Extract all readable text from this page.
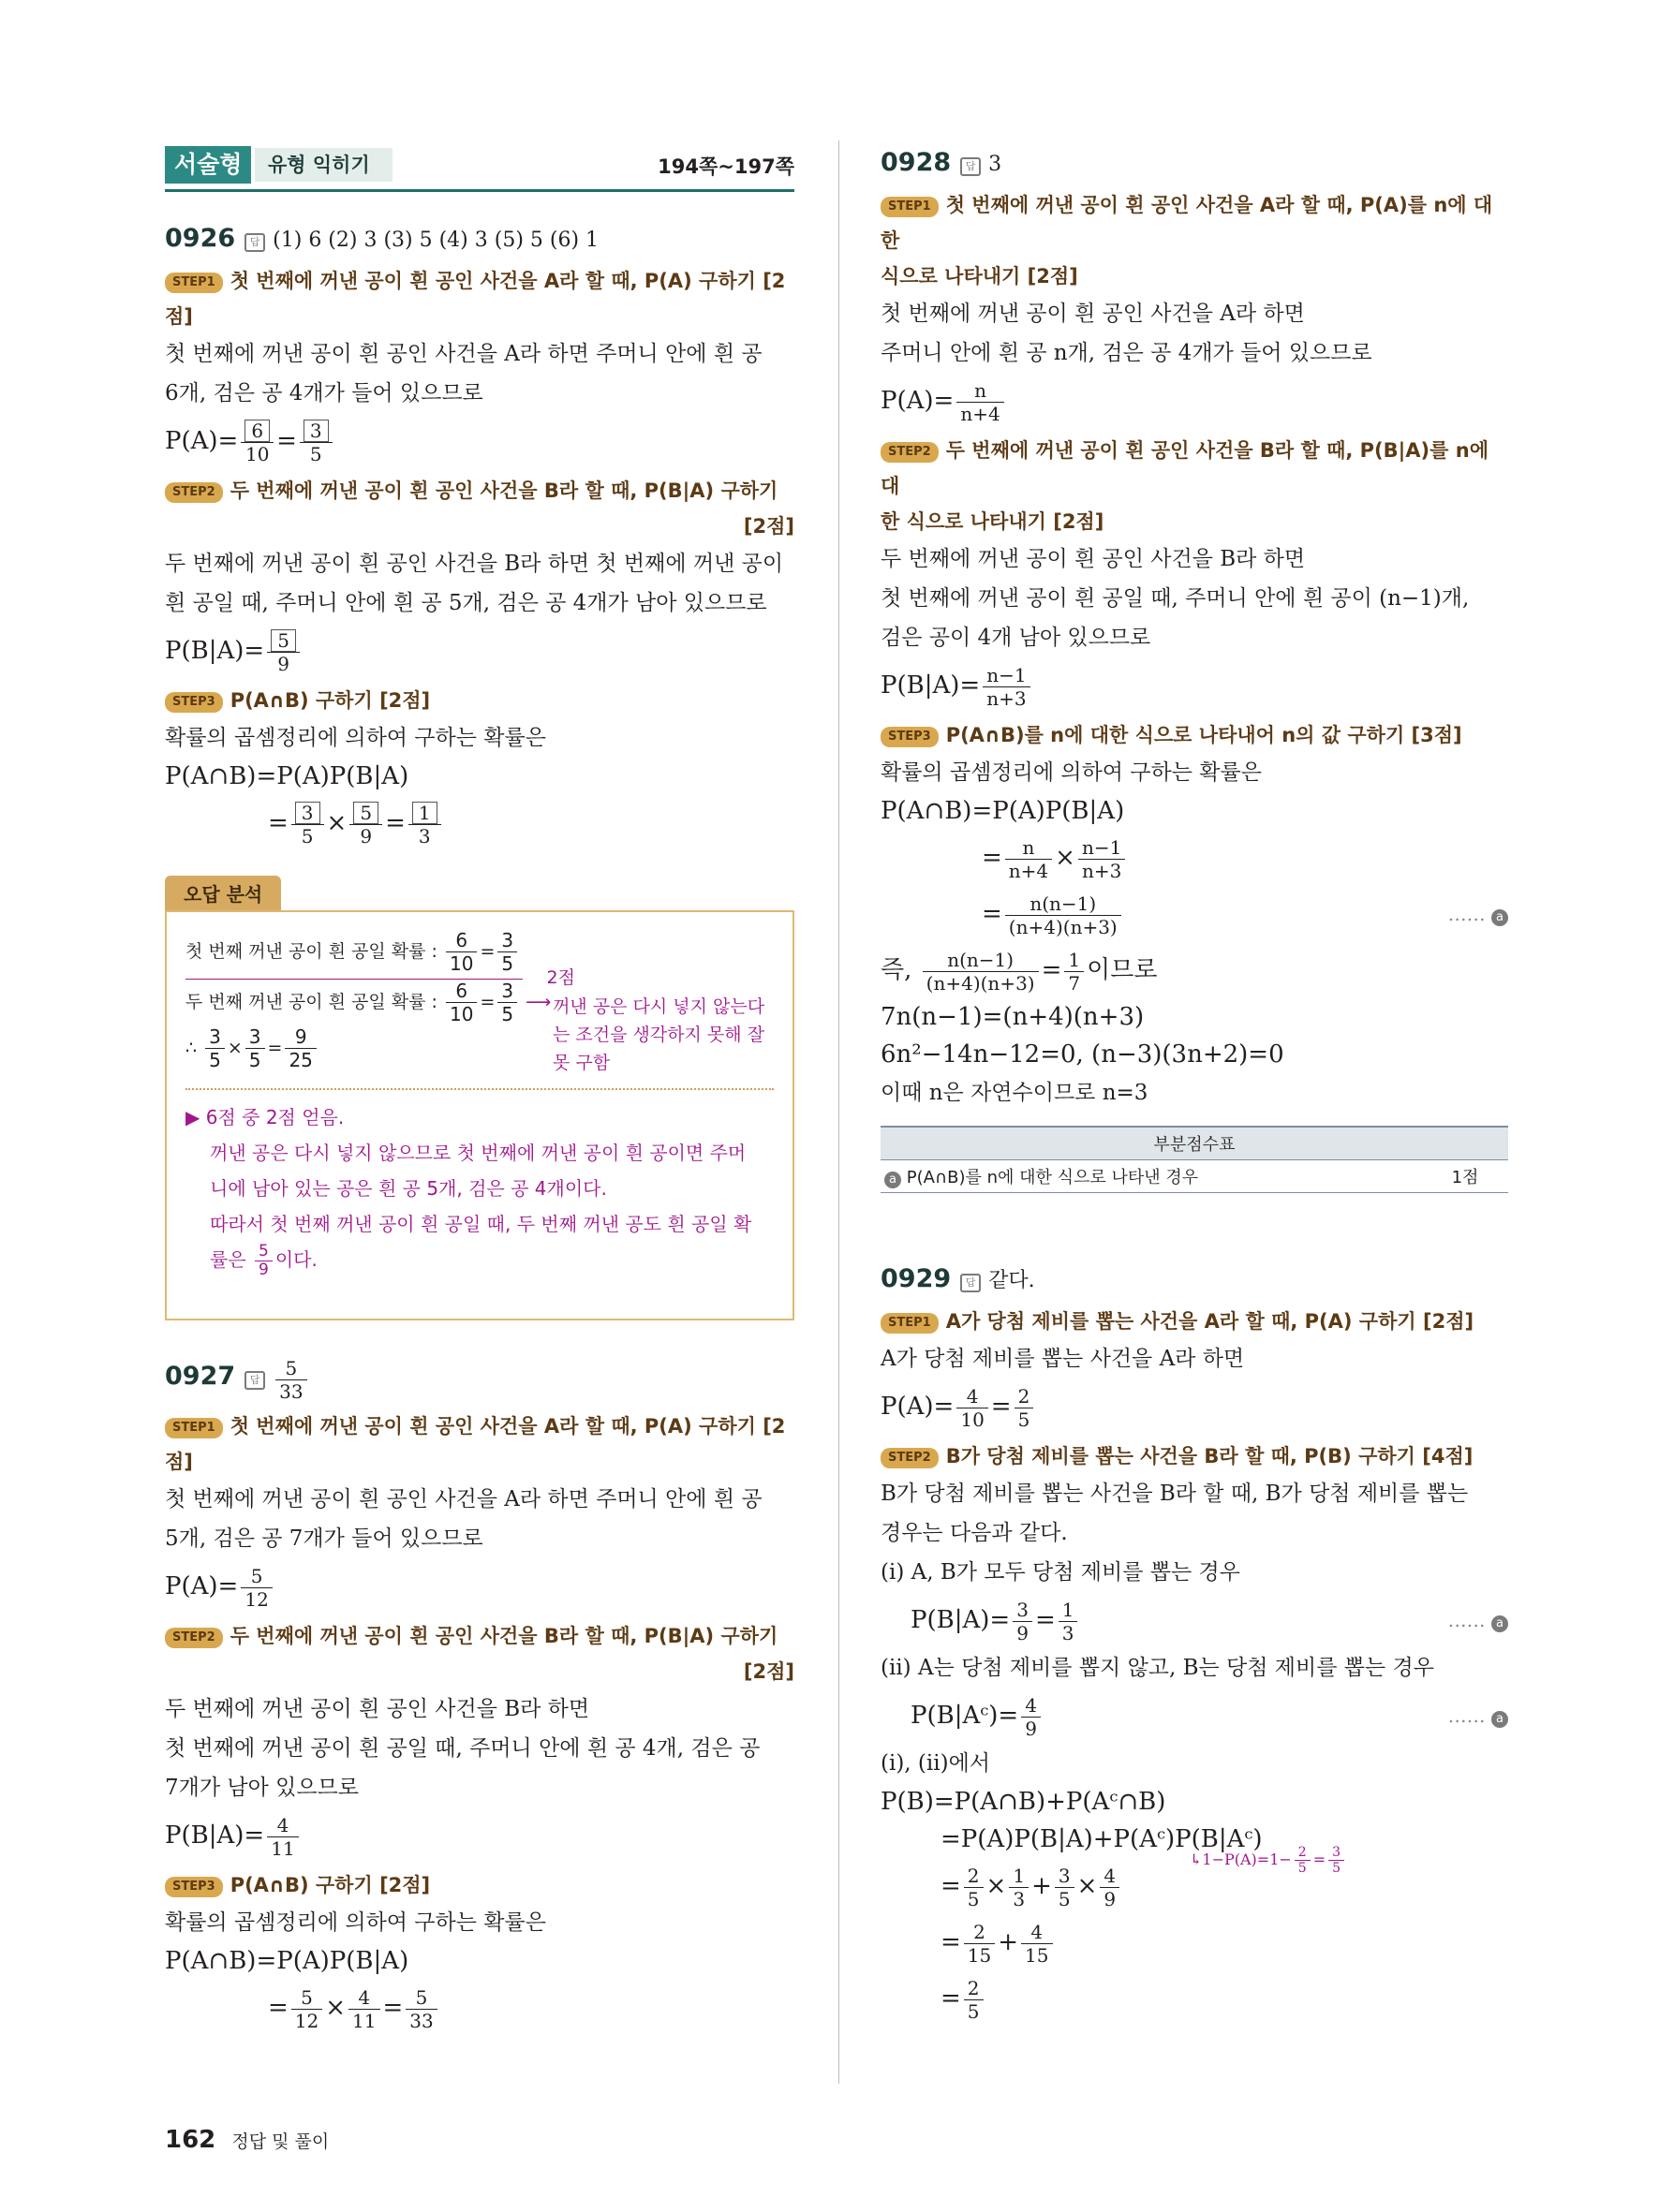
서술형	유형 익히기	194쪽~197쪽

0926 답 (1) 6 (2) 3 (3) 5 (4) 3 (5) 5 (6) 1

STEP1 첫 번째에 꺼낸 공이 흰 공인 사건을 A라 할 때, P(A) 구하기 [2점]

첫 번째에 꺼낸 공이 흰 공인 사건을 A라 하면 주머니 안에 흰 공

6개, 검은 공 4개가 들어 있으므로

$P(A)= \frac{6}{10} = \frac{3}{5}$

STEP2 두 번째에 꺼낸 공이 흰 공인 사건을 B라 할 때, P(B|A) 구하기

[2점]

두 번째에 꺼낸 공이 흰 공인 사건을 B라 하면 첫 번째에 꺼낸 공이

흰 공일 때, 주머니 안에 흰 공 5개, 검은 공 4개가 남아 있으므로

$P(B|A)= \frac{5}{9}$

STEP3 P(A∩B) 구하기 [2점]

확률의 곱셈정리에 의하여 구하는 확률은

P(A∩B)=P(A)P(B|A)

= $\frac{3}{5} \times \frac{5}{9} = \frac{1}{3}$

오답 분석

첫 번째 꺼낸 공이 흰 공일 확률 : $\frac{6}{10} = \frac{3}{5}$

2점

두 번째 꺼낸 공이 흰 공일 확률 : $\frac{6}{10} = \frac{3}{5}$ ⟶

∴ $\frac{3}{5} \times \frac{3}{5} = \frac{9}{25}$

꺼낸 공은 다시 넣지 않는다는 조건을 생각하지 못해 잘못 구함

▶ 6점 중 2점 얻음.

꺼낸 공은 다시 넣지 않으므로 첫 번째에 꺼낸 공이 흰 공이면 주머

니에 남아 있는 공은 흰 공 5개, 검은 공 4개이다.

따라서 첫 번째 꺼낸 공이 흰 공일 때, 두 번째 꺼낸 공도 흰 공일 확

률은 $\frac{5}{9}$ 이다.

0927 답 $\frac{5}{33}$

STEP1 첫 번째에 꺼낸 공이 흰 공인 사건을 A라 할 때, P(A) 구하기 [2점]

첫 번째에 꺼낸 공이 흰 공인 사건을 A라 하면 주머니 안에 흰 공

5개, 검은 공 7개가 들어 있으므로

$P(A)= \frac{5}{12}$

STEP2 두 번째에 꺼낸 공이 흰 공인 사건을 B라 할 때, P(B|A) 구하기

[2점]

두 번째에 꺼낸 공이 흰 공인 사건을 B라 하면

첫 번째에 꺼낸 공이 흰 공일 때, 주머니 안에 흰 공 4개, 검은 공

7개가 남아 있으므로

$P(B|A)= \frac{4}{11}$

STEP3 P(A∩B) 구하기 [2점]

확률의 곱셈정리에 의하여 구하는 확률은

P(A∩B)=P(A)P(B|A)

= $\frac{5}{12} \times \frac{4}{11} = \frac{5}{33}$

0928 답 3

STEP1 첫 번째에 꺼낸 공이 흰 공인 사건을 A라 할 때, P(A)를 n에 대한

식으로 나타내기 [2점]

첫 번째에 꺼낸 공이 흰 공인 사건을 A라 하면

주머니 안에 흰 공 n개, 검은 공 4개가 들어 있으므로

$P(A)= \frac{n}{n+4}$

STEP2 두 번째에 꺼낸 공이 흰 공인 사건을 B라 할 때, P(B|A)를 n에 대

한 식으로 나타내기 [2점]

두 번째에 꺼낸 공이 흰 공인 사건을 B라 하면

첫 번째에 꺼낸 공이 흰 공일 때, 주머니 안에 흰 공이 (n−1)개,

검은 공이 4개 남아 있으므로

$P(B|A)= \frac{n-1}{n+3}$

STEP3 P(A∩B)를 n에 대한 식으로 나타내어 n의 값 구하기 [3점]

확률의 곱셈정리에 의하여 구하는 확률은

P(A∩B)=P(A)P(B|A)

= $\frac{n}{n+4} \times \frac{n-1}{n+3}$

= $\frac{n(n-1)}{(n+4)(n+3)}$	…… a

즉, $\frac{n(n-1)}{(n+4)(n+3)} = \frac{1}{7}$ 이므로

7n(n−1)=(n+4)(n+3)

6n²−14n−12=0, (n−3)(3n+2)=0

이때 n은 자연수이므로 n=3

부분점수표
a P(A∩B)를 n에 대한 식으로 나타낸 경우	1점

0929 답 같다.

STEP1 A가 당첨 제비를 뽑는 사건을 A라 할 때, P(A) 구하기 [2점]

A가 당첨 제비를 뽑는 사건을 A라 하면

$P(A)= \frac{4}{10} = \frac{2}{5}$

STEP2 B가 당첨 제비를 뽑는 사건을 B라 할 때, P(B) 구하기 [4점]

B가 당첨 제비를 뽑는 사건을 B라 할 때, B가 당첨 제비를 뽑는

경우는 다음과 같다.

(i) A, B가 모두 당첨 제비를 뽑는 경우

$P(B|A)= \frac{3}{9} = \frac{1}{3}$	…… a

(ii) A는 당첨 제비를 뽑지 않고, B는 당첨 제비를 뽑는 경우

P(B|Aᶜ)= $\frac{4}{9}$	…… a

(i), (ii)에서

P(B)=P(A∩B)+P(Aᶜ∩B)

=P(A)P(B|A)+P(Aᶜ)P(B|Aᶜ)
↳1−P(A)=1− $\frac{2}{5} = \frac{3}{5}$

= $\frac{2}{5} \times \frac{1}{3} + \frac{3}{5} \times \frac{4}{9}$

= $\frac{2}{15} + \frac{4}{15}$

= $\frac{2}{5}$

162 정답 및 풀이
